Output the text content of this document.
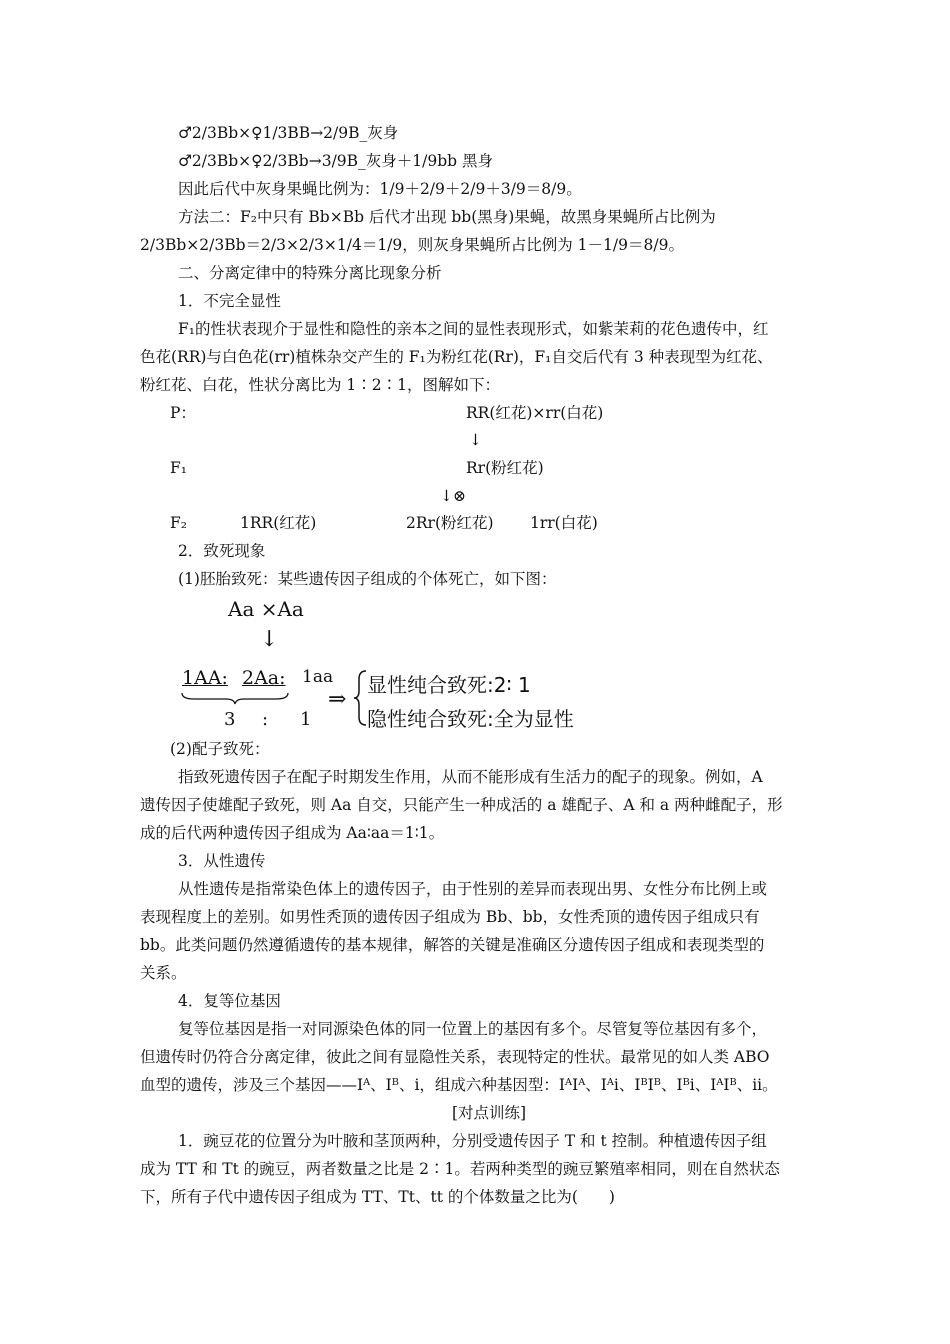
♂2/3Bb×♀1/3BB→2/9B_灰身
♂2/3Bb×♀2/3Bb→3/9B_灰身＋1/9bb 黑身
因此后代中灰身果蝇比例为：1/9＋2/9＋2/9＋3/9＝8/9。
方法二：F₂中只有 Bb×Bb 后代才出现 bb(黑身)果蝇，故黑身果蝇所占比例为
2/3Bb×2/3Bb＝2/3×2/3×1/4＝1/9，则灰身果蝇所占比例为 1－1/9＝8/9。
二、分离定律中的特殊分离比现象分析
1．不完全显性
F₁的性状表现介于显性和隐性的亲本之间的显性表现形式，如紫茉莉的花色遗传中，红
色花(RR)与白色花(rr)植株杂交产生的 F₁为粉红花(Rr)，F₁自交后代有 3 种表现型为红花、
粉红花、白花，性状分离比为 1∶2∶1，图解如下：
P：	RR(红花)×rr(白花)
↓
F₁	Rr(粉红花)
↓⊗
F₂	1RR(红花)	2Rr(粉红花) 1rr(白花)
2．致死现象
(1)胚胎致死：某些遗传因子组成的个体死亡，如下图：
Aa ×Aa
↓
1AA: 2Aa: 1aa
3 : 1
⇒
显性纯合致死:2∶ 1
隐性纯合致死:全为显性
(2)配子致死：
指致死遗传因子在配子时期发生作用，从而不能形成有生活力的配子的现象。例如，A
遗传因子使雄配子致死，则 Aa 自交，只能产生一种成活的 a 雄配子、A 和 a 两种雌配子，形
成的后代两种遗传因子组成为 Aa∶aa＝1∶1。
3．从性遗传
从性遗传是指常染色体上的遗传因子，由于性别的差异而表现出男、女性分布比例上或
表现程度上的差别。如男性秃顶的遗传因子组成为 Bb、bb，女性秃顶的遗传因子组成只有
bb。此类问题仍然遵循遗传的基本规律，解答的关键是准确区分遗传因子组成和表现类型的
关系。
4．复等位基因
复等位基因是指一对同源染色体的同一位置上的基因有多个。尽管复等位基因有多个，
但遗传时仍符合分离定律，彼此之间有显隐性关系，表现特定的性状。最常见的如人类 ABO
血型的遗传，涉及三个基因——Iᴬ、Iᴮ、i，组成六种基因型：IᴬIᴬ、Iᴬi、IᴮIᴮ、Iᴮi、IᴬIᴮ、ii。
[对点训练]
1．豌豆花的位置分为叶腋和茎顶两种，分别受遗传因子 T 和 t 控制。种植遗传因子组
成为 TT 和 Tt 的豌豆，两者数量之比是 2∶1。若两种类型的豌豆繁殖率相同，则在自然状态
下，所有子代中遗传因子组成为 TT、Tt、tt 的个体数量之比为(　　)
